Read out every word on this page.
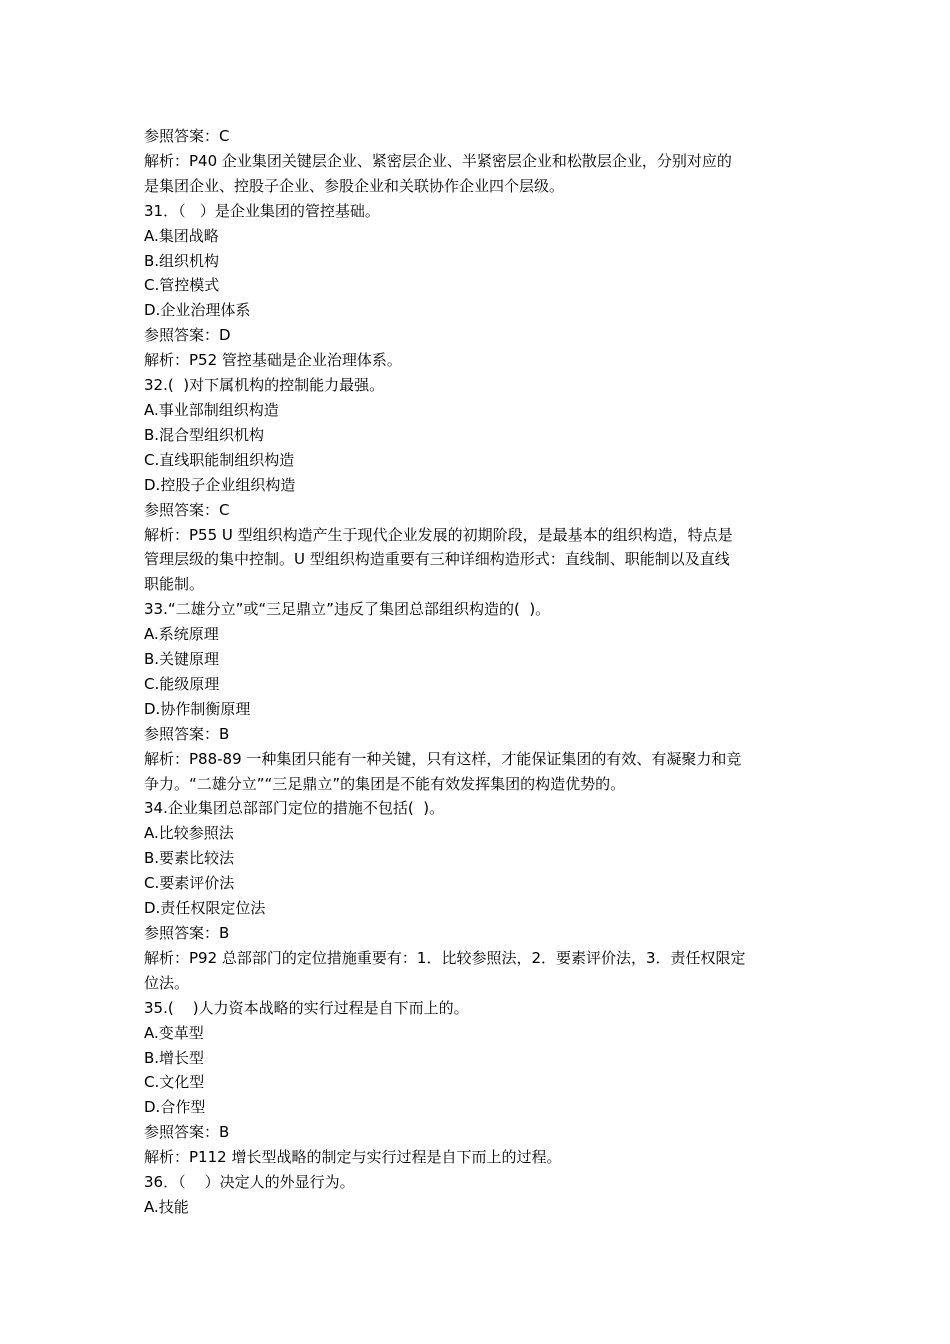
参照答案：C

解析：P40 企业集团关键层企业、紧密层企业、半紧密层企业和松散层企业，分别对应的

是集团企业、控股子企业、参股企业和关联协作企业四个层级。

31．（   ）是企业集团的管控基础。

A.集团战略

B.组织机构

C.管控模式

D.企业治理体系

参照答案：D

解析：P52 管控基础是企业治理体系。

32.(  )对下属机构的控制能力最强。

A.事业部制组织构造

B.混合型组织机构

C.直线职能制组织构造

D.控股子企业组织构造

参照答案：C

解析：P55 U 型组织构造产生于现代企业发展的初期阶段，是最基本的组织构造，特点是

管理层级的集中控制。U 型组织构造重要有三种详细构造形式：直线制、职能制以及直线

职能制。

33.“二雄分立”或“三足鼎立”违反了集团总部组织构造的(  )。

A.系统原理

B.关键原理

C.能级原理

D.协作制衡原理

参照答案：B

解析：P88-89 一种集团只能有一种关键，只有这样，才能保证集团的有效、有凝聚力和竞

争力。“二雄分立”“三足鼎立”的集团是不能有效发挥集团的构造优势的。

34.企业集团总部部门定位的措施不包括(  )。

A.比较参照法

B.要素比较法

C.要素评价法

D.责任权限定位法

参照答案：B

解析：P92 总部部门的定位措施重要有：1．比较参照法，2．要素评价法，3．责任权限定

位法。

35.(    )人力资本战略的实行过程是自下而上的。

A.变革型

B.增长型

C.文化型

D.合作型

参照答案：B

解析：P112 增长型战略的制定与实行过程是自下而上的过程。

36．（    ）决定人的外显行为。

A.技能
